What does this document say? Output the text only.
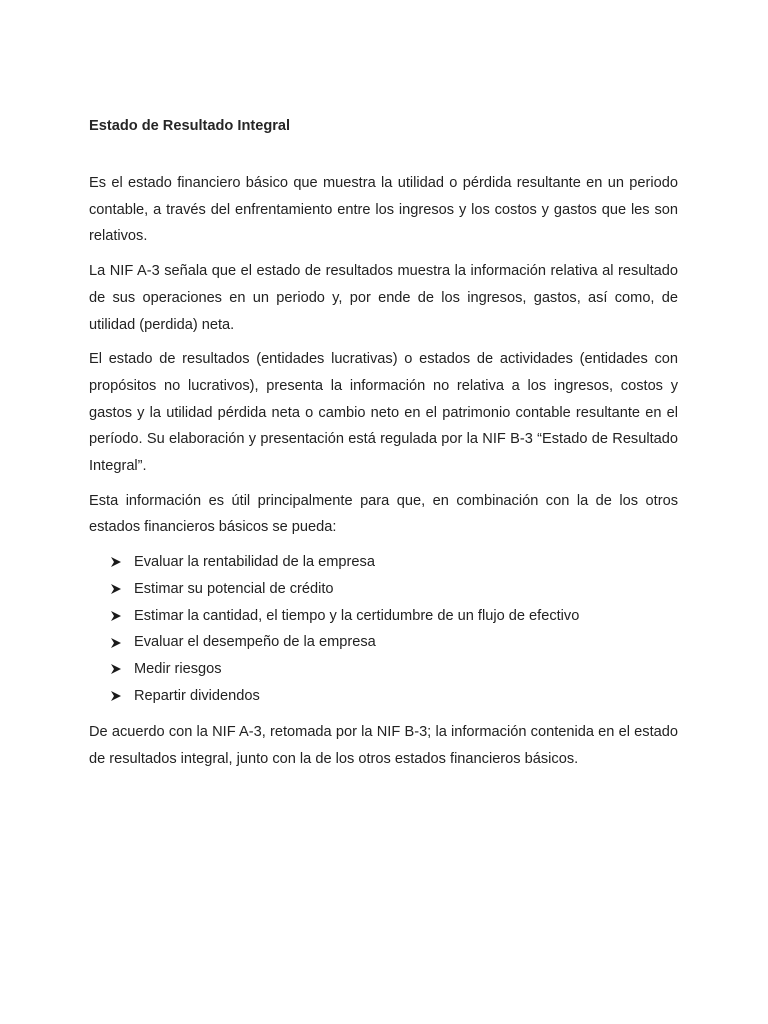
Estado de Resultado Integral

Es el estado financiero básico que muestra la utilidad o pérdida resultante en un periodo contable, a través del enfrentamiento entre los ingresos y los costos y gastos que les son relativos.

La NIF A-3 señala que el estado de resultados muestra la información relativa al resultado de sus operaciones en un periodo y, por ende de los ingresos, gastos, así como, de utilidad (perdida) neta.

El estado de resultados (entidades lucrativas) o estados de actividades (entidades con propósitos no lucrativos), presenta la información no relativa a los ingresos, costos y gastos y la utilidad pérdida neta o cambio neto en el patrimonio contable resultante en el período. Su elaboración y presentación está regulada por la NIF B-3 “Estado de Resultado Integral”.

Esta información es útil principalmente para que, en combinación con la de los otros estados financieros básicos se pueda:

Evaluar la rentabilidad de la empresa
Estimar su potencial de crédito
Estimar la cantidad, el tiempo y la certidumbre de un flujo de efectivo
Evaluar el desempeño de la empresa
Medir riesgos
Repartir dividendos

De acuerdo con la NIF A-3, retomada por la NIF B-3; la información contenida en el estado de resultados integral, junto con la de los otros estados financieros básicos.
